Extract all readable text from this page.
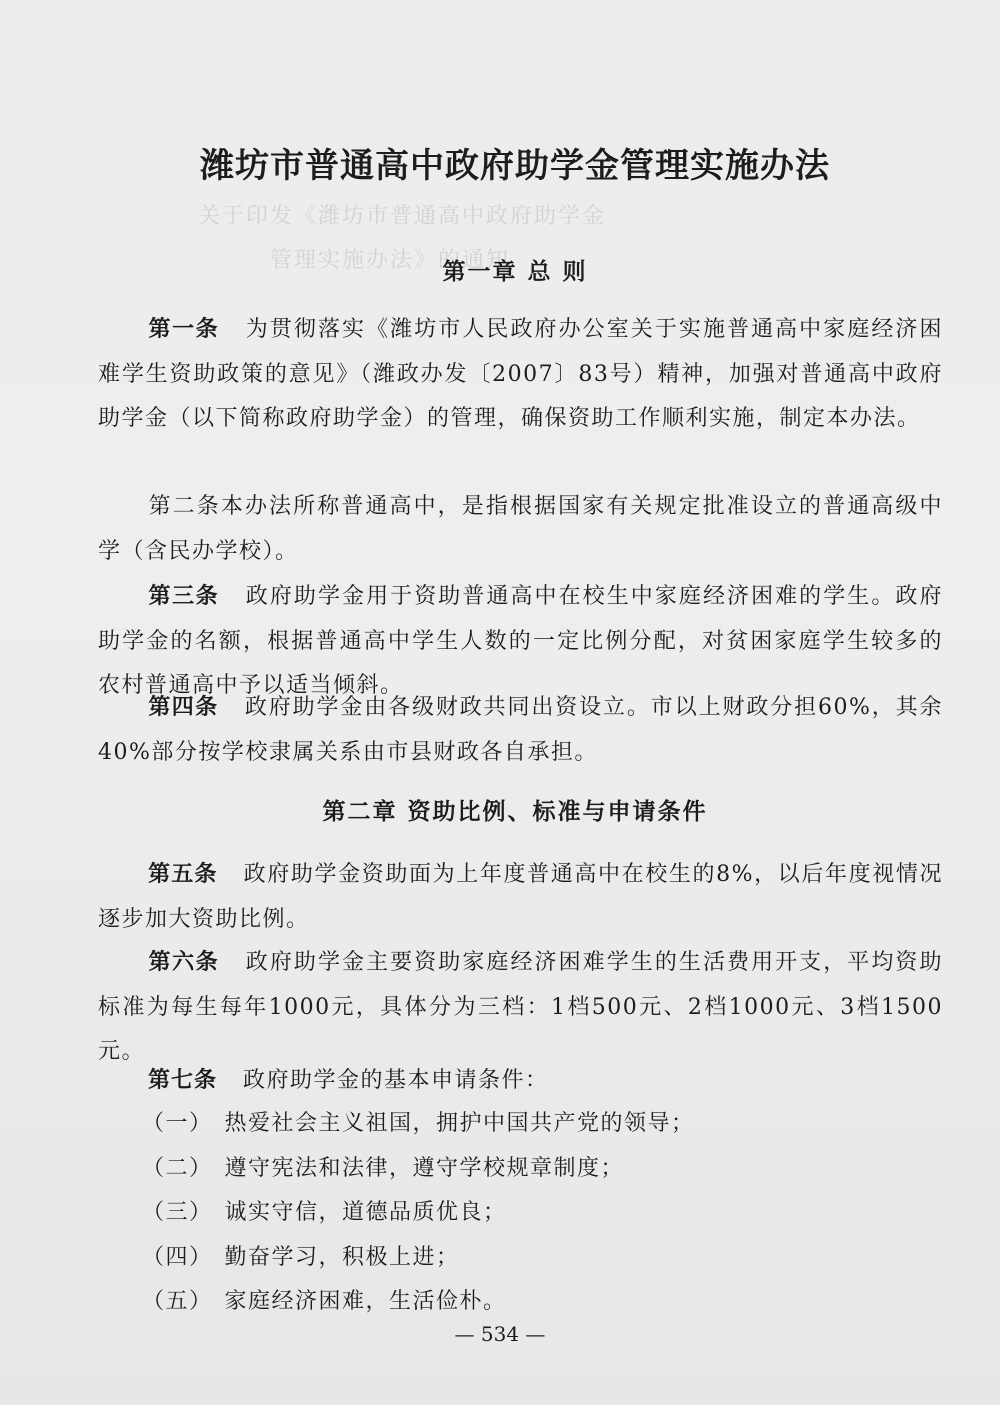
　　关于印发《潍坊市普通高中政府助学金
　　　　　管理实施办法》的通知
潍坊市普通高中政府助学金管理实施办法
第一章 总 则
第一条 为贯彻落实《潍坊市人民政府办公室关于实施普通高中家庭经济困难学生资助政策的意见》（潍政办发〔2007〕83号）精神，加强对普通高中政府助学金（以下简称政府助学金）的管理，确保资助工作顺利实施，制定本办法。
第二条本办法所称普通高中，是指根据国家有关规定批准设立的普通高级中学（含民办学校）。
第三条 政府助学金用于资助普通高中在校生中家庭经济困难的学生。政府助学金的名额，根据普通高中学生人数的一定比例分配，对贫困家庭学生较多的农村普通高中予以适当倾斜。
第四条 政府助学金由各级财政共同出资设立。市以上财政分担60%，其余40%部分按学校隶属关系由市县财政各自承担。
第二章 资助比例、标准与申请条件
第五条 政府助学金资助面为上年度普通高中在校生的8%，以后年度视情况逐步加大资助比例。
第六条 政府助学金主要资助家庭经济困难学生的生活费用开支，平均资助标准为每生每年1000元，具体分为三档：1档500元、2档1000元、3档1500元。
第七条 政府助学金的基本申请条件：
（一） 热爱社会主义祖国，拥护中国共产党的领导；
（二） 遵守宪法和法律，遵守学校规章制度；
（三） 诚实守信，道德品质优良；
（四） 勤奋学习，积极上进；
（五） 家庭经济困难，生活俭朴。
— 534 —
